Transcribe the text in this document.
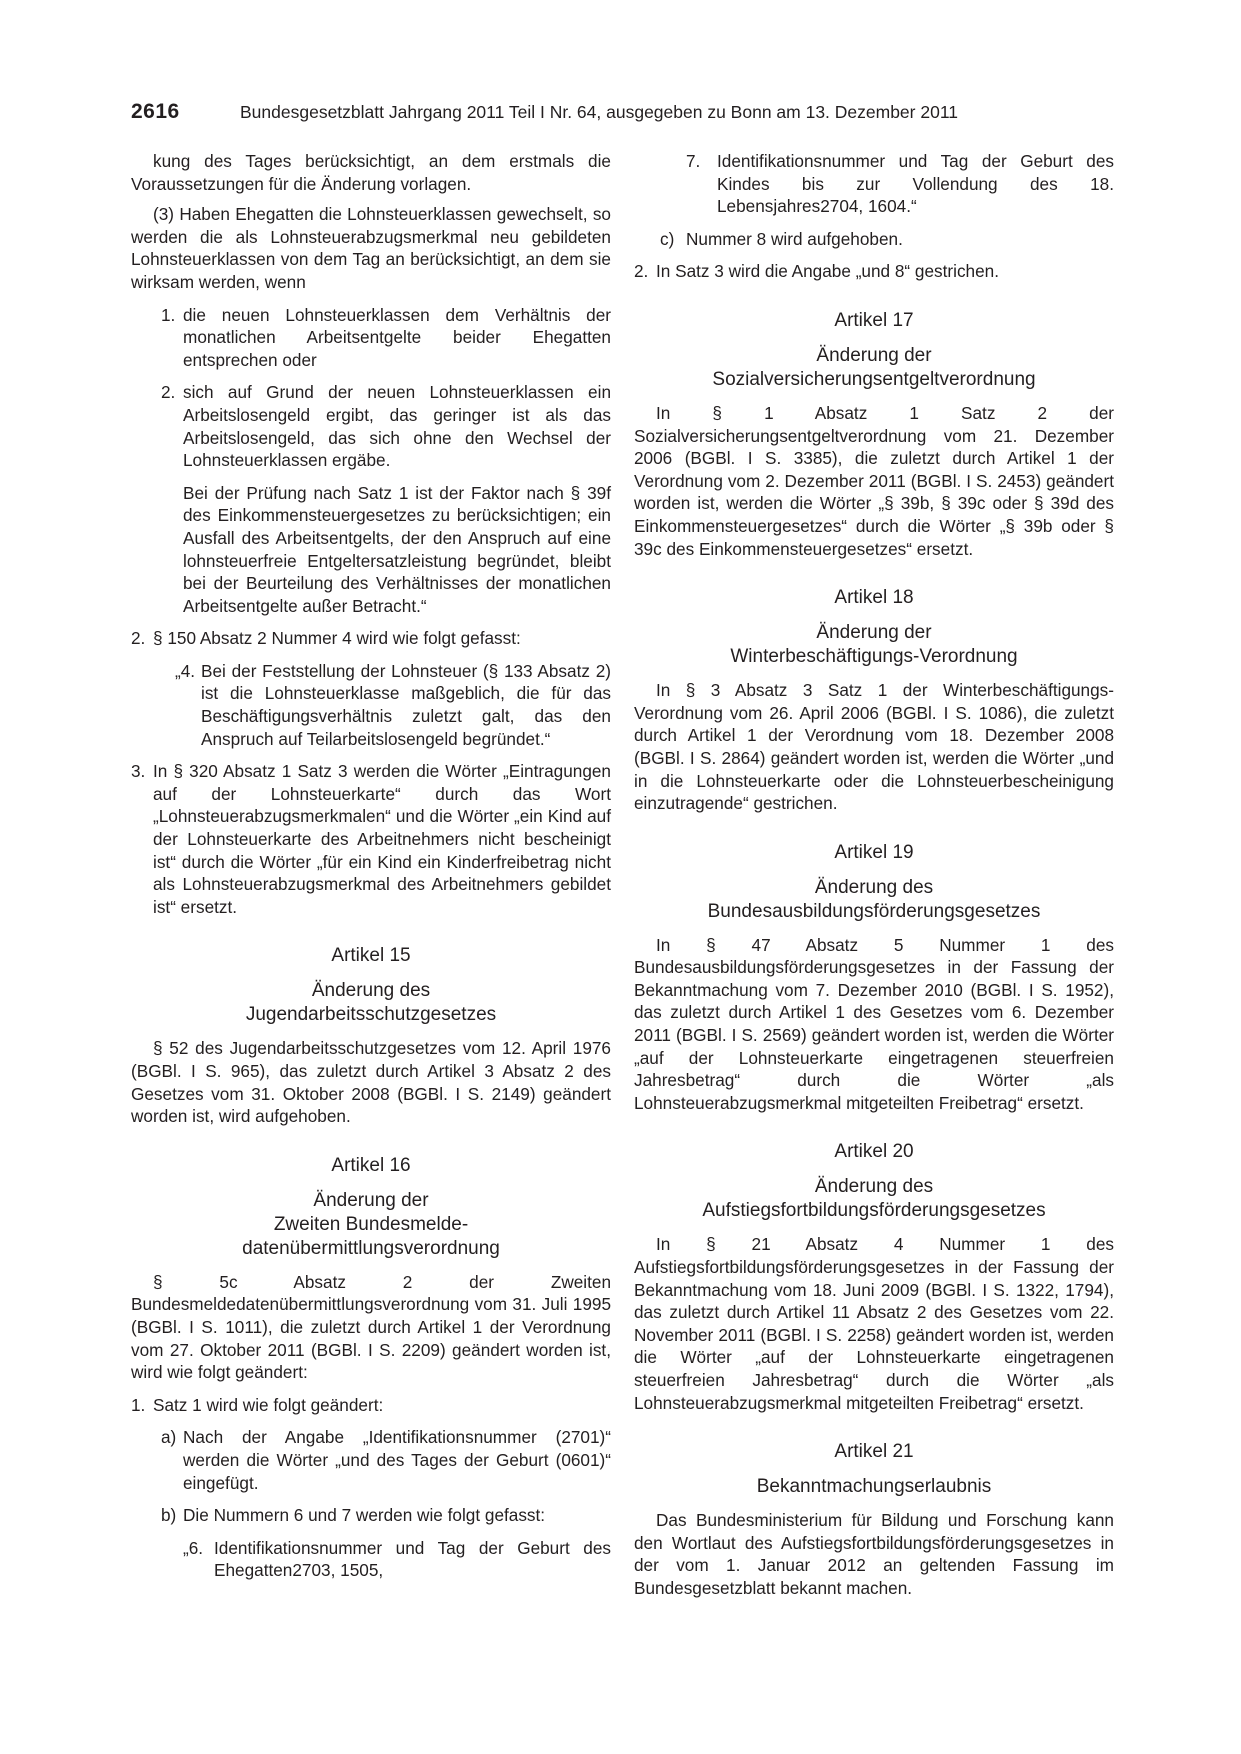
2616	Bundesgesetzblatt Jahrgang 2011 Teil I Nr. 64, ausgegeben zu Bonn am 13. Dezember 2011

kung des Tages berücksichtigt, an dem erstmals die Voraussetzungen für die Änderung vorlagen.

(3) Haben Ehegatten die Lohnsteuerklassen gewechselt, so werden die als Lohnsteuerabzugsmerkmal neu gebildeten Lohnsteuerklassen von dem Tag an berücksichtigt, an dem sie wirksam werden, wenn

1. die neuen Lohnsteuerklassen dem Verhältnis der monatlichen Arbeitsentgelte beider Ehegatten entsprechen oder
2. sich auf Grund der neuen Lohnsteuerklassen ein Arbeitslosengeld ergibt, das geringer ist als das Arbeitslosengeld, das sich ohne den Wechsel der Lohnsteuerklassen ergäbe.

Bei der Prüfung nach Satz 1 ist der Faktor nach § 39f des Einkommensteuergesetzes zu berücksichtigen; ein Ausfall des Arbeitsentgelts, der den Anspruch auf eine lohnsteuerfreie Entgeltersatzleistung begründet, bleibt bei der Beurteilung des Verhältnisses der monatlichen Arbeitsentgelte außer Betracht.“

2. § 150 Absatz 2 Nummer 4 wird wie folgt gefasst:
„4. Bei der Feststellung der Lohnsteuer (§ 133 Absatz 2) ist die Lohnsteuerklasse maßgeblich, die für das Beschäftigungsverhältnis zuletzt galt, das den Anspruch auf Teilarbeitslosengeld begründet.“
3. In § 320 Absatz 1 Satz 3 werden die Wörter „Eintragungen auf der Lohnsteuerkarte“ durch das Wort „Lohnsteuerabzugsmerkmalen“ und die Wörter „ein Kind auf der Lohnsteuerkarte des Arbeitnehmers nicht bescheinigt ist“ durch die Wörter „für ein Kind ein Kinderfreibetrag nicht als Lohnsteuerabzugsmerkmal des Arbeitnehmers gebildet ist“ ersetzt.
Artikel 15
Änderung des
Jugendarbeitsschutzgesetzes

§ 52 des Jugendarbeitsschutzgesetzes vom 12. April 1976 (BGBl. I S. 965), das zuletzt durch Artikel 3 Absatz 2 des Gesetzes vom 31. Oktober 2008 (BGBl. I S. 2149) geändert worden ist, wird aufgehoben.

Artikel 16
Änderung der
Zweiten Bundesmelde-
datenübermittlungsverordnung

§ 5c Absatz 2 der Zweiten Bundesmeldedatenübermittlungsverordnung vom 31. Juli 1995 (BGBl. I S. 1011), die zuletzt durch Artikel 1 der Verordnung vom 27. Oktober 2011 (BGBl. I S. 2209) geändert worden ist, wird wie folgt geändert:

1. Satz 1 wird wie folgt geändert:
a) Nach der Angabe „Identifikationsnummer (2701)“ werden die Wörter „und des Tages der Geburt (0601)“ eingefügt.
b) Die Nummern 6 und 7 werden wie folgt gefasst:
„6. Identifikationsnummer und Tag der Geburt des Ehegatten2703, 1505,
7. Identifikationsnummer und Tag der Geburt des Kindes bis zur Vollendung des 18. Lebensjahres2704, 1604.“
c) Nummer 8 wird aufgehoben.
2. In Satz 3 wird die Angabe „und 8“ gestrichen.
Artikel 17
Änderung der
Sozialversicherungsentgeltverordnung

In § 1 Absatz 1 Satz 2 der Sozialversicherungsentgeltverordnung vom 21. Dezember 2006 (BGBl. I S. 3385), die zuletzt durch Artikel 1 der Verordnung vom 2. Dezember 2011 (BGBl. I S. 2453) geändert worden ist, werden die Wörter „§ 39b, § 39c oder § 39d des Einkommensteuergesetzes“ durch die Wörter „§ 39b oder § 39c des Einkommensteuergesetzes“ ersetzt.

Artikel 18
Änderung der
Winterbeschäftigungs-Verordnung

In § 3 Absatz 3 Satz 1 der Winterbeschäftigungs-Verordnung vom 26. April 2006 (BGBl. I S. 1086), die zuletzt durch Artikel 1 der Verordnung vom 18. Dezember 2008 (BGBl. I S. 2864) geändert worden ist, werden die Wörter „und in die Lohnsteuerkarte oder die Lohnsteuerbescheinigung einzutragende“ gestrichen.

Artikel 19
Änderung des
Bundesausbildungsförderungsgesetzes

In § 47 Absatz 5 Nummer 1 des Bundesausbildungsförderungsgesetzes in der Fassung der Bekanntmachung vom 7. Dezember 2010 (BGBl. I S. 1952), das zuletzt durch Artikel 1 des Gesetzes vom 6. Dezember 2011 (BGBl. I S. 2569) geändert worden ist, werden die Wörter „auf der Lohnsteuerkarte eingetragenen steuerfreien Jahresbetrag“ durch die Wörter „als Lohnsteuerabzugsmerkmal mitgeteilten Freibetrag“ ersetzt.

Artikel 20
Änderung des
Aufstiegsfortbildungsförderungsgesetzes

In § 21 Absatz 4 Nummer 1 des Aufstiegsfortbildungsförderungsgesetzes in der Fassung der Bekanntmachung vom 18. Juni 2009 (BGBl. I S. 1322, 1794), das zuletzt durch Artikel 11 Absatz 2 des Gesetzes vom 22. November 2011 (BGBl. I S. 2258) geändert worden ist, werden die Wörter „auf der Lohnsteuerkarte eingetragenen steuerfreien Jahresbetrag“ durch die Wörter „als Lohnsteuerabzugsmerkmal mitgeteilten Freibetrag“ ersetzt.

Artikel 21
Bekanntmachungserlaubnis

Das Bundesministerium für Bildung und Forschung kann den Wortlaut des Aufstiegsfortbildungsförderungsgesetzes in der vom 1. Januar 2012 an geltenden Fassung im Bundesgesetzblatt bekannt machen.
